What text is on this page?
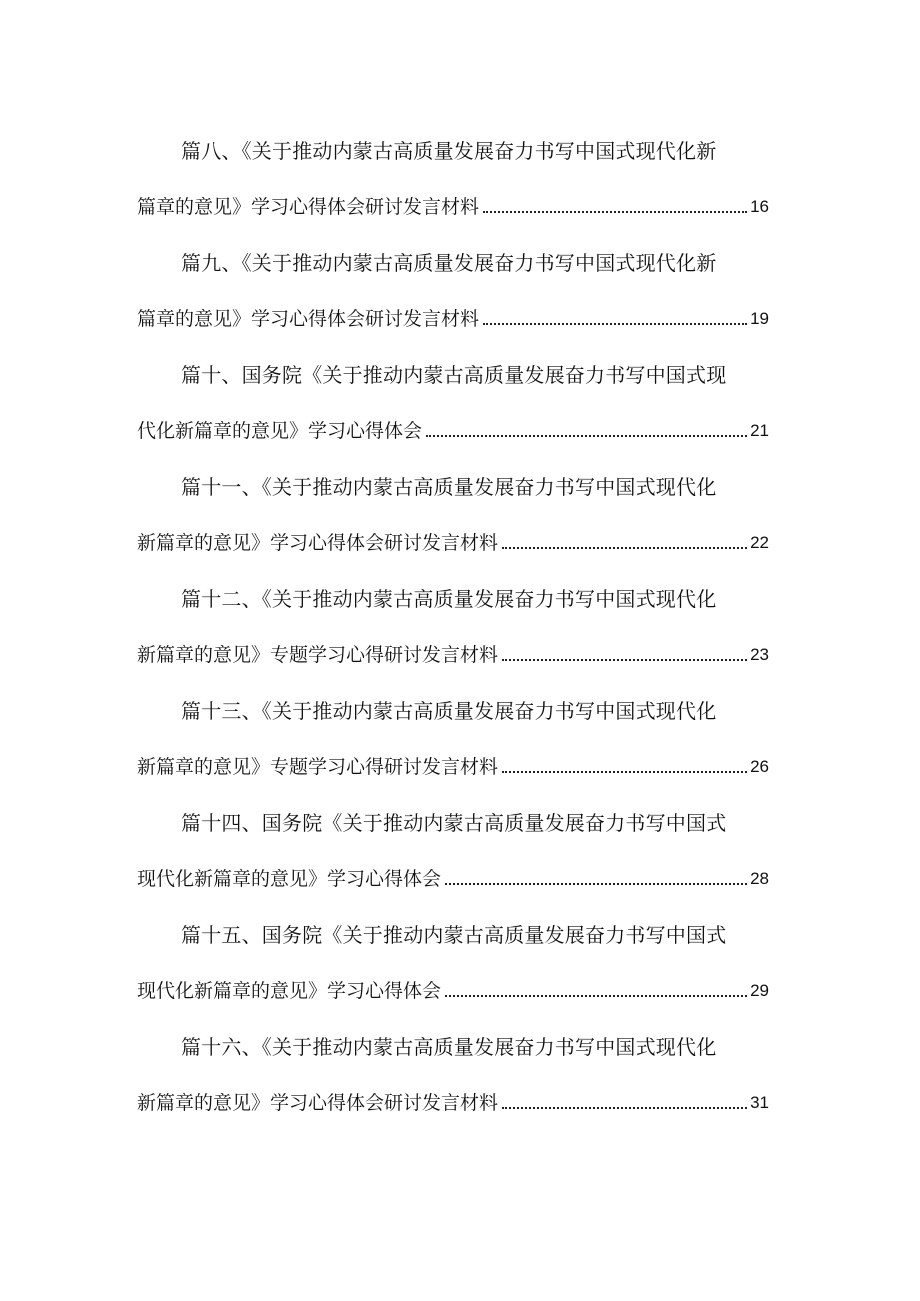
篇八、《关于推动内蒙古高质量发展奋力书写中国式现代化新
篇章的意见》学习心得体会研讨发言材料	16
篇九、《关于推动内蒙古高质量发展奋力书写中国式现代化新
篇章的意见》学习心得体会研讨发言材料	19
篇十、国务院《关于推动内蒙古高质量发展奋力书写中国式现
代化新篇章的意见》学习心得体会	21
篇十一、《关于推动内蒙古高质量发展奋力书写中国式现代化
新篇章的意见》学习心得体会研讨发言材料	22
篇十二、《关于推动内蒙古高质量发展奋力书写中国式现代化
新篇章的意见》专题学习心得研讨发言材料	23
篇十三、《关于推动内蒙古高质量发展奋力书写中国式现代化
新篇章的意见》专题学习心得研讨发言材料	26
篇十四、国务院《关于推动内蒙古高质量发展奋力书写中国式
现代化新篇章的意见》学习心得体会	28
篇十五、国务院《关于推动内蒙古高质量发展奋力书写中国式
现代化新篇章的意见》学习心得体会	29
篇十六、《关于推动内蒙古高质量发展奋力书写中国式现代化
新篇章的意见》学习心得体会研讨发言材料	31
